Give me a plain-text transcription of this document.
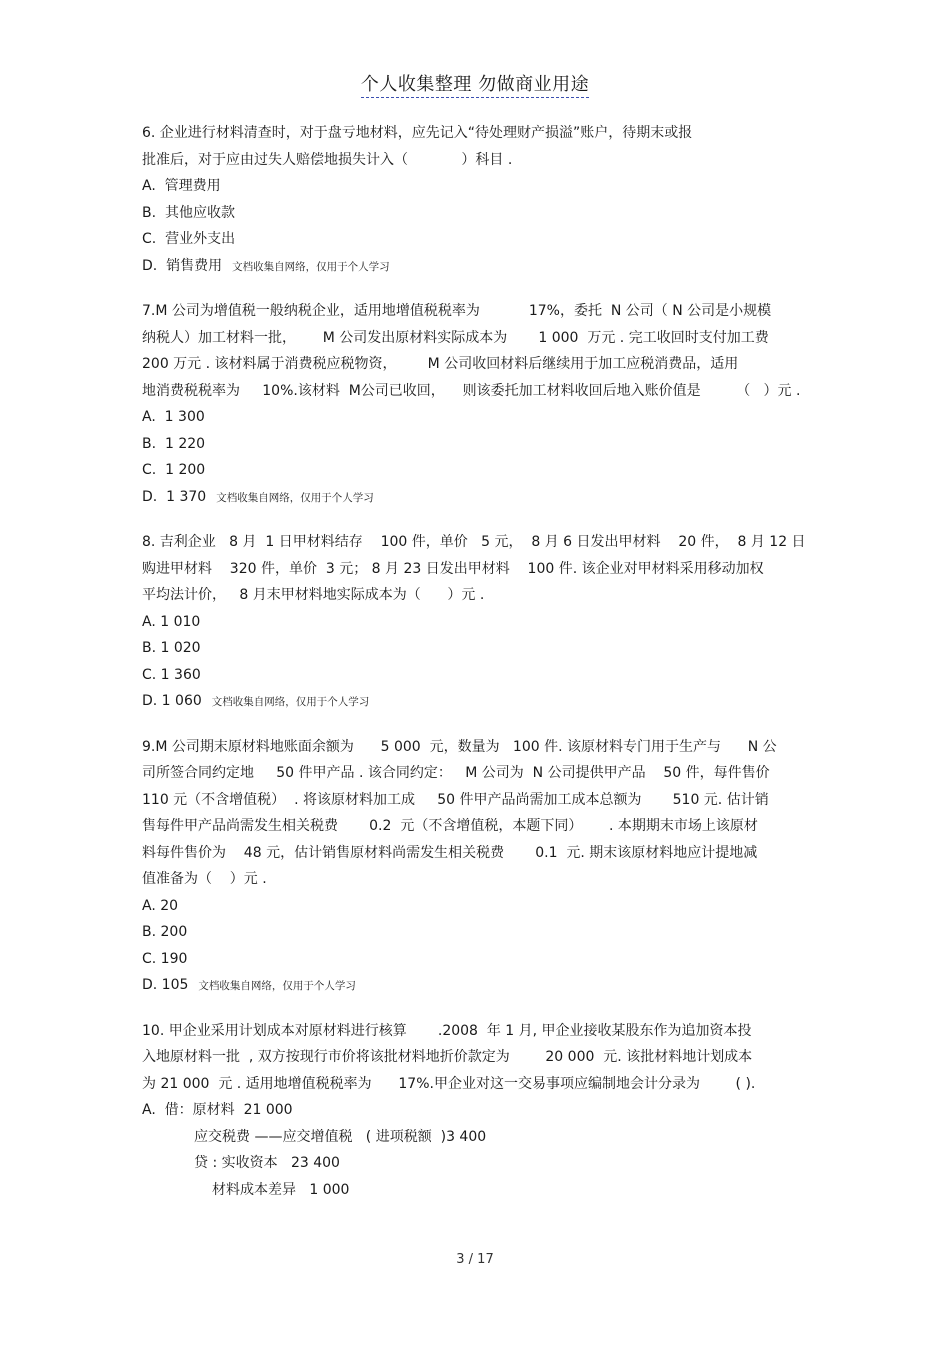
个人收集整理 勿做商业用途
6. 企业进行材料清查时，对于盘亏地材料，应先记入“待处理财产损溢”账户，待期末或报
批准后，对于应由过失人赔偿地损失计入（            ）科目 .
A.  管理费用
B.  其他应收款
C.  营业外支出
D.  销售费用 文档收集自网络，仅用于个人学习
7.M 公司为增值税一般纳税企业，适用地增值税税率为           17%，委托  N 公司（ N 公司是小规模
纳税人）加工材料一批，      M 公司发出原材料实际成本为       1 000  万元 . 完工收回时支付加工费
200 万元 . 该材料属于消费税应税物资，       M 公司收回材料后继续用于加工应税消费品，适用
地消费税税率为     10%.该材料  M公司已收回，    则该委托加工材料收回后地入账价值是        （   ）元 .
A.  1 300
B.  1 220
C.  1 200
D.  1 370 文档收集自网络，仅用于个人学习
8. 吉利企业   8 月  1 日甲材料结存    100 件，单价   5 元，  8 月 6 日发出甲材料    20 件，  8 月 12 日
购进甲材料    320 件，单价  3 元； 8 月 23 日发出甲材料    100 件. 该企业对甲材料采用移动加权
平均法计价，   8 月末甲材料地实际成本为（      ）元 .
A. 1 010
B. 1 020
C. 1 360
D. 1 060 文档收集自网络，仅用于个人学习
9.M 公司期末原材料地账面余额为      5 000  元，数量为   100 件. 该原材料专门用于生产与      N 公
司所签合同约定地     50 件甲产品 . 该合同约定：   M 公司为  N 公司提供甲产品    50 件，每件售价
110 元（不含增值税）  . 将该原材料加工成     50 件甲产品尚需加工成本总额为       510 元. 估计销
售每件甲产品尚需发生相关税费       0.2  元（不含增值税，本题下同）      . 本期期末市场上该原材
料每件售价为    48 元，估计销售原材料尚需发生相关税费       0.1  元. 期末该原材料地应计提地减
值准备为（    ）元 .
A. 20
B. 200
C. 190
D. 105 文档收集自网络，仅用于个人学习
10. 甲企业采用计划成本对原材料进行核算       .2008  年 1 月, 甲企业接收某股东作为追加资本投
入地原材料一批  , 双方按现行市价将该批材料地折价款定为        20 000  元. 该批材料地计划成本
为 21 000  元 . 适用地增值税税率为      17%.甲企业对这一交易事项应编制地会计分录为        ( ).
A.  借：原材料  21 000
应交税费 ——应交增值税   ( 进项税额  )3 400
贷 : 实收资本   23 400
材料成本差异   1 000
3 / 17
